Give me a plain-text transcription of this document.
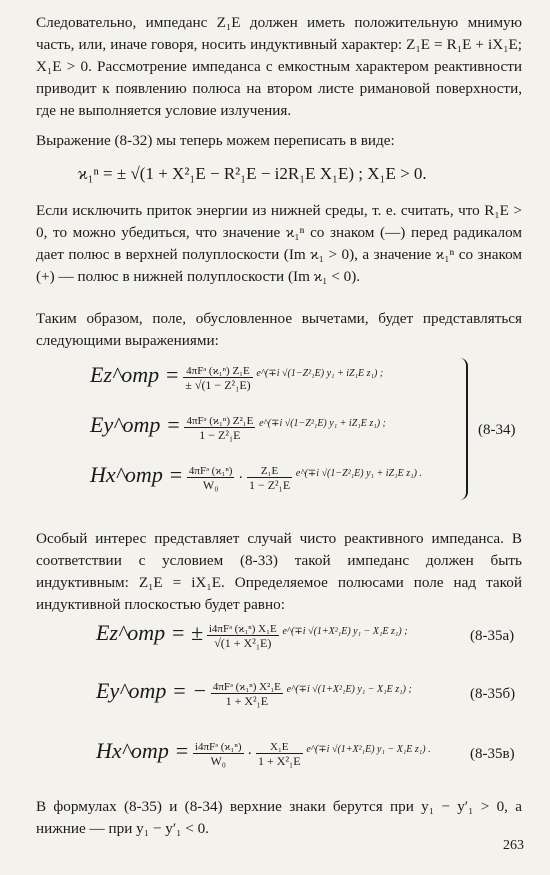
Следовательно, импеданс Z₁E должен иметь положительную мнимую часть, или, иначе говоря, носить индуктивный характер: Z₁E = R₁E + iX₁E; X₁E > 0. Рассмотрение импеданса с емкостным характером реактивности приводит к появлению полюса на втором листе римановой поверхности, где не выполняется условие излучения.
Выражение (8-32) мы теперь можем переписать в виде:
ϰ₁ⁿ = ± √(1 + X²₁E − R²₁E − i2R₁E X₁E) ; X₁E > 0.
Если исключить приток энергии из нижней среды, т. е. считать, что R₁E > 0, то можно убедиться, что значение ϰ₁ⁿ со знаком (—) перед радикалом дает полюс в верхней полуплоскости (Im ϰ₁ > 0), а значение ϰ₁ⁿ со знаком (+) — полюс в нижней полуплоскости (Im ϰ₁ < 0).
Таким образом, поле, обусловленное вычетами, будет представляться следующими выражениями:
Ez^отр = $\frac{\text{4πFᵊ (ϰ₁ⁿ) Z₁E}}{\text{± √(1 − Z²₁E)}} ^{e\^{}(\mp i √(1-Z^2_1E) y_1 + iZ_1E z_1) ;}$
Ey^отр = $\frac{\text{4πFᵊ (ϰ₁ⁿ) Z²₁E}}{\text{1 − Z²₁E}} ^{e\^{}(\mp i √(1-Z^2_1E) y_1 + iZ_1E z_1) ;}$
Hx^отр = $\frac{\text{4πFᵊ (ϰ₁ⁿ)}}{\text{W₀}} \cdot \frac{\text{Z₁E}}{\text{1 − Z²₁E}} ^{e\^{}(\mp i √(1-Z^2_1E) y_1 + iZ_1E z_1) .}$
(8-34)
Особый интерес представляет случай чисто реактивного импеданса. В соответствии с условием (8-33) такой импеданс должен быть индуктивным: Z₁E = iX₁E. Определяемое полюсами поле над такой индуктивной плоскостью будет равно:
Ez^отр = ± $\frac{\text{i4πFᵊ (ϰ₁ⁿ) X₁E}}{\text{√(1 + X²₁E)}} ^{e\^{}(\mp i √(1+X^2_1E) y_1 - X_1E z_1) ;}$	(8-35а)
Ey^отр = − $\frac{\text{4πFᵊ (ϰ₁ⁿ) X²₁E}}{\text{1 + X²₁E}} ^{e\^{}(\mp i √(1+X^2_1E) y_1 - X_1E z_1) ;}$	(8-35б)
Hx^отр = $\frac{\text{i4πFᵊ (ϰ₁ⁿ)}}{\text{W₀}} \cdot \frac{\text{X₁E}}{\text{1 + X²₁E}} ^{e\^{}(\mp i √(1+X^2_1E) y_1 - X_1E z_1) .}$	(8-35в)
В формулах (8-35) и (8-34) верхние знаки берутся при y₁ − y′₁ > 0, а нижние — при y₁ − y′₁ < 0.
263
